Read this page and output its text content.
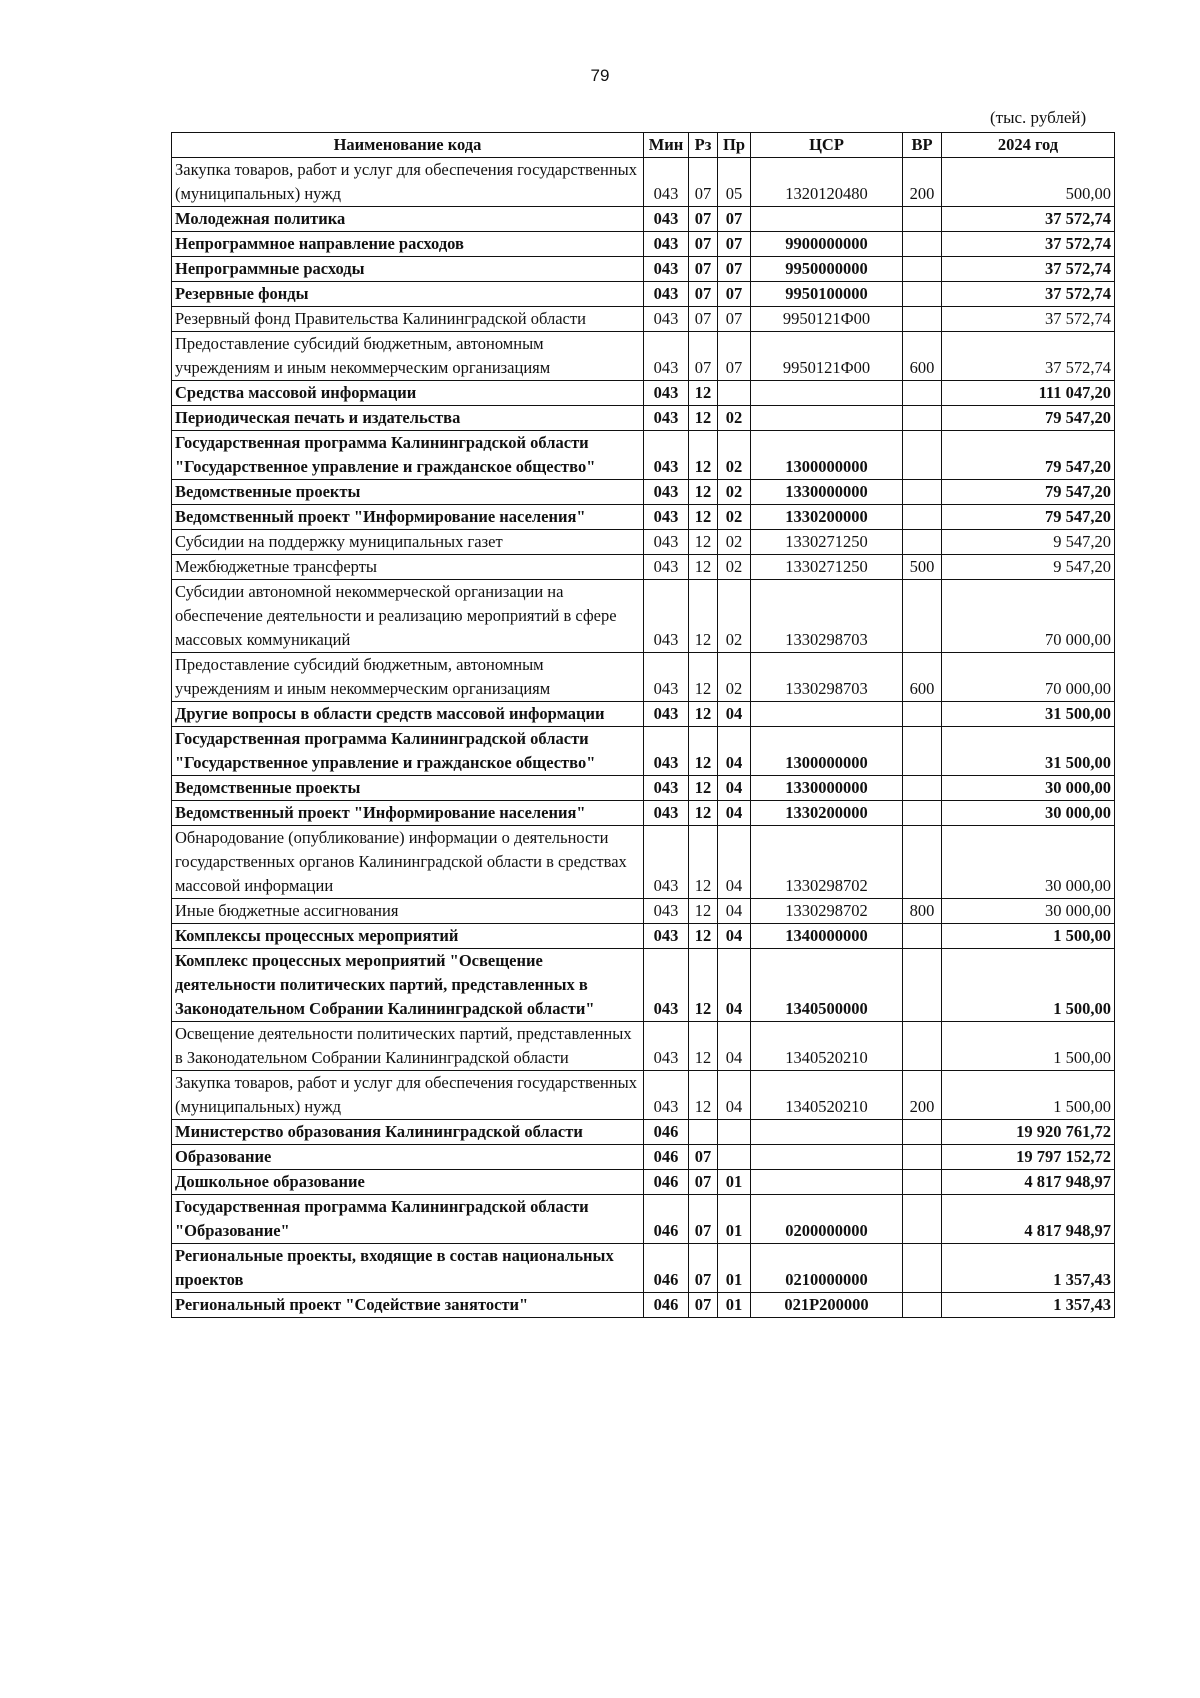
79
(тыс. рублей)
Наименование кода	Мин	Рз	Пр	ЦСР	ВР	2024 год
Закупка товаров, работ и услуг для обеспечения государственных (муниципальных) нужд	043	07	05	1320120480	200	500,00
Молодежная политика	043	07	07			37 572,74
Непрограммное направление расходов	043	07	07	9900000000		37 572,74
Непрограммные расходы	043	07	07	9950000000		37 572,74
Резервные фонды	043	07	07	9950100000		37 572,74
Резервный фонд Правительства Калининградской области	043	07	07	9950121Ф00		37 572,74
Предоставление субсидий бюджетным, автономным учреждениям и иным некоммерческим организациям	043	07	07	9950121Ф00	600	37 572,74
Средства массовой информации	043	12				111 047,20
Периодическая печать и издательства	043	12	02			79 547,20
Государственная программа Калининградской области "Государственное управление и гражданское общество"	043	12	02	1300000000		79 547,20
Ведомственные проекты	043	12	02	1330000000		79 547,20
Ведомственный проект "Информирование населения"	043	12	02	1330200000		79 547,20
Субсидии на поддержку муниципальных газет	043	12	02	1330271250		9 547,20
Межбюджетные трансферты	043	12	02	1330271250	500	9 547,20
Субсидии автономной некоммерческой организации на обеспечение деятельности и реализацию мероприятий в сфере массовых коммуникаций	043	12	02	1330298703		70 000,00
Предоставление субсидий бюджетным, автономным учреждениям и иным некоммерческим организациям	043	12	02	1330298703	600	70 000,00
Другие вопросы в области средств массовой информации	043	12	04			31 500,00
Государственная программа Калининградской области "Государственное управление и гражданское общество"	043	12	04	1300000000		31 500,00
Ведомственные проекты	043	12	04	1330000000		30 000,00
Ведомственный проект "Информирование населения"	043	12	04	1330200000		30 000,00
Обнародование (опубликование) информации о деятельности государственных органов Калининградской области в средствах массовой информации	043	12	04	1330298702		30 000,00
Иные бюджетные ассигнования	043	12	04	1330298702	800	30 000,00
Комплексы процессных мероприятий	043	12	04	1340000000		1 500,00
Комплекс процессных мероприятий "Освещение деятельности политических партий, представленных в Законодательном Собрании Калининградской области"	043	12	04	1340500000		1 500,00
Освещение деятельности политических партий, представленных в Законодательном Собрании Калининградской области	043	12	04	1340520210		1 500,00
Закупка товаров, работ и услуг для обеспечения государственных (муниципальных) нужд	043	12	04	1340520210	200	1 500,00
Министерство образования Калининградской области	046					19 920 761,72
Образование	046	07				19 797 152,72
Дошкольное образование	046	07	01			4 817 948,97
Государственная программа Калининградской области "Образование"	046	07	01	0200000000		4 817 948,97
Региональные проекты, входящие в состав национальных проектов	046	07	01	0210000000		1 357,43
Региональный проект "Содействие занятости"	046	07	01	021P200000		1 357,43
